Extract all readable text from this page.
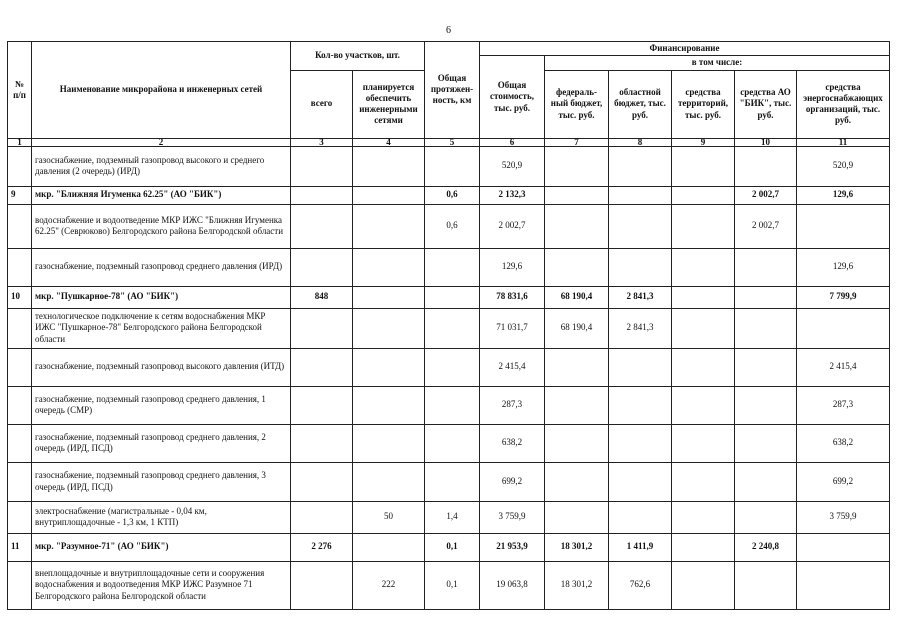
6
№ п/п	Наименование микрорайона и инженерных сетей	Кол-во участков, шт.		Общая протяжен-ность, км	Финансирование					
					Общая стоимость, тыс. руб.	в том числе:				
		всего	планируется обеспечить инженерными сетями			федераль-ный бюджет, тыс. руб.	областной бюджет, тыс. руб.	средства территорий, тыс. руб.	средства АО "БИК", тыс. руб.	средства энергоснабжающих организаций, тыс. руб.
1	2	3	4	5	6	7	8	9	10	11
	газоснабжение, подземный газопровод высокого и среднего давления (2 очередь) (ИРД)				520,9					520,9
9	мкр. "Ближняя Игуменка 62.25" (АО "БИК")			0,6	2 132,3				2 002,7	129,6
	водоснабжение и водоотведение МКР ИЖС "Ближняя Игуменка 62.25" (Севрюково) Белгородского района Белгородской области			0,6	2 002,7				2 002,7	
	газоснабжение, подземный газопровод среднего давления (ИРД)				129,6					129,6
10	мкр. "Пушкарное-78" (АО "БИК")	848			78 831,6	68 190,4	2 841,3			7 799,9
	технологическое подключение к сетям водоснабжения МКР ИЖС "Пушкарное-78" Белгородского района Белгородской области				71 031,7	68 190,4	2 841,3			
	газоснабжение, подземный газопровод высокого давления (ИТД)				2 415,4					2 415,4
	газоснабжение, подземный газопровод среднего давления, 1 очередь (СМР)				287,3					287,3
	газоснабжение, подземный газопровод среднего давления, 2 очередь (ИРД, ПСД)				638,2					638,2
	газоснабжение, подземный газопровод среднего давления, 3 очередь (ИРД, ПСД)				699,2					699,2
	электроснабжение (магистральные - 0,04 км, внутриплощадочные - 1,3 км, 1 КТП)		50	1,4	3 759,9					3 759,9
11	мкр. "Разумное-71" (АО "БИК")	2 276		0,1	21 953,9	18 301,2	1 411,9		2 240,8	
	внеплощадочные и внутриплощадочные сети и сооружения водоснабжения и водоотведения МКР ИЖС Разумное 71 Белгородского района Белгородской области		222	0,1	19 063,8	18 301,2	762,6			
